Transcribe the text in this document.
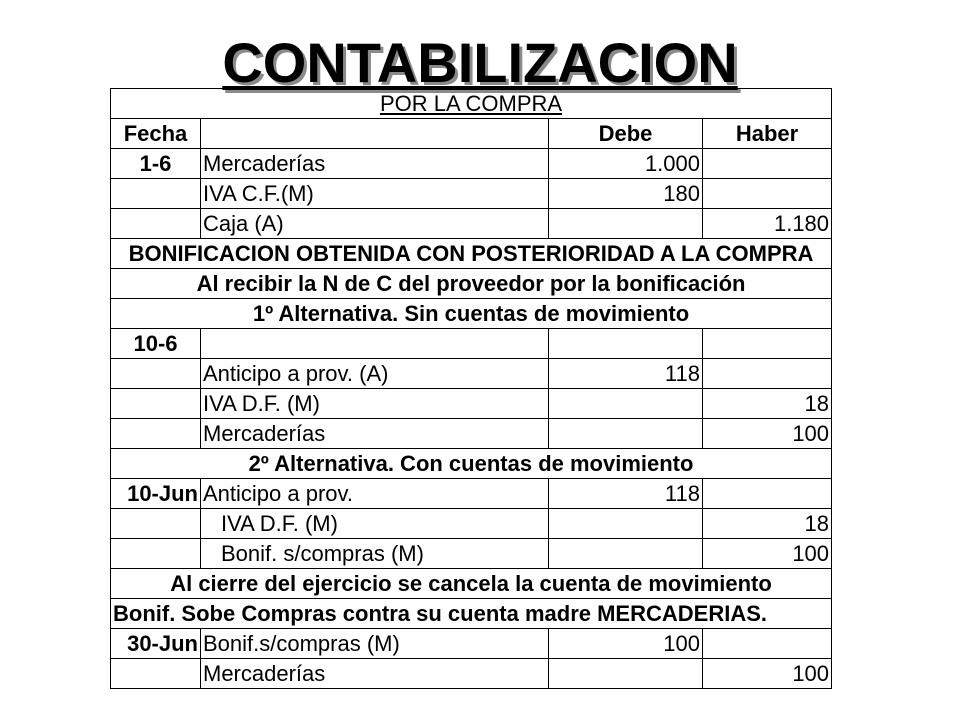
CONTABILIZACION
POR LA COMPRA			
Fecha		Debe	Haber
1-6	Mercaderías	1.000	
	IVA C.F.(M)	180	
	Caja (A)		1.180
BONIFICACION OBTENIDA CON POSTERIORIDAD A LA COMPRA			
Al recibir la N de C del proveedor por la bonificación			
1º Alternativa. Sin cuentas de movimiento			
10-6			
	Anticipo a prov. (A)	118	
	IVA D.F. (M)		18
	Mercaderías		100
2º Alternativa. Con cuentas de movimiento			
10-Jun	Anticipo a prov.	118	
	IVA D.F. (M)		18
	Bonif. s/compras (M)		100
Al cierre del ejercicio se cancela la cuenta de movimiento			
Bonif. Sobe Compras contra su cuenta madre MERCADERIAS.			
30-Jun	Bonif.s/compras (M)	100	
	Mercaderías		100
